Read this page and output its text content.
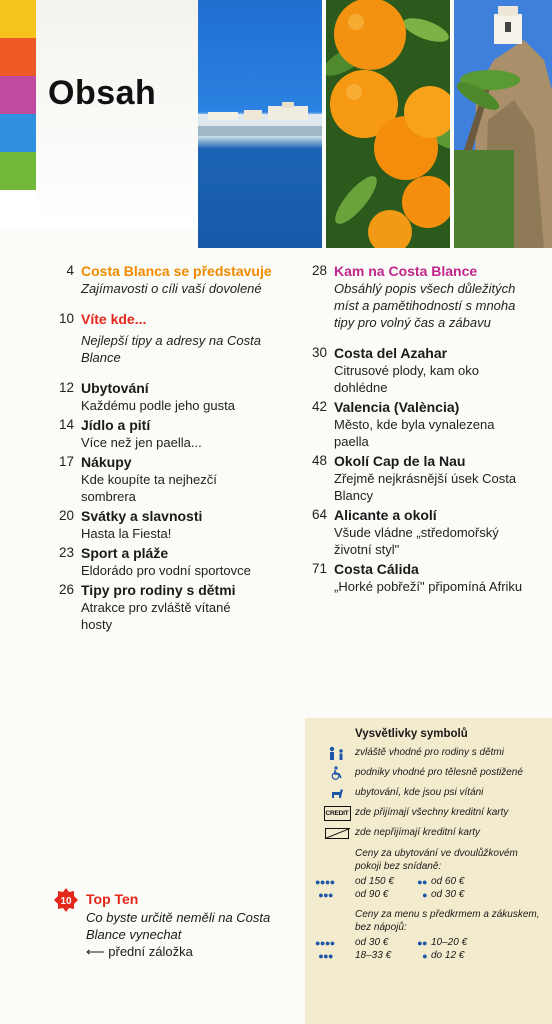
Obsah
4 Costa Blanca se představuje
Zajímavosti o cíli vaší dovolené
10 Víte kde...
Nejlepší tipy a adresy na Costa Blance
12 Ubytování
Každému podle jeho gusta
14 Jídlo a pití
Více než jen paella...
17 Nákupy
Kde koupíte ta nejhezčí sombrera
20 Svátky a slavnosti
Hasta la Fiesta!
23 Sport a pláže
Eldorádo pro vodní sportovce
26 Tipy pro rodiny s dětmi
Atrakce pro zvláště vítané hosty
28 Kam na Costa Blance
Obsáhlý popis všech důležitých míst a pamětihodností s mnoha tipy pro volný čas a zábavu
30 Costa del Azahar
Citrusové plody, kam oko dohlédne
42 Valencia (València)
Město, kde byla vynalezena paella
48 Okolí Cap de la Nau
Zřejmě nejkrásnější úsek Costa Blancy
64 Alicante a okolí
Všude vládne „středomořský životní styl"
71 Costa Cálida
„Horké pobřeží" připomíná Afriku
Vysvětlivky symbolů
zvláště vhodné pro rodiny s dětmi
podniky vhodné pro tělesně postižené
ubytování, kde jsou psi vítáni
CREDIT zde přijímají všechny kreditní karty
zde nepřijímají kreditní karty
Ceny za ubytování ve dvoulůžkovém pokoji bez snídaně:
●●●●	od 150 €	●● od 60 €
●●●	od 90 €	● od 30 €
Ceny za menu s předkrmem a zákuskem, bez nápojů:
●●●●	od 30 €	●● 10–20 €
●●●	18–33 €	● do 12 €
10 Top Ten
Co byste určitě neměli na Costa Blance vynechat
⟵ přední záložka
